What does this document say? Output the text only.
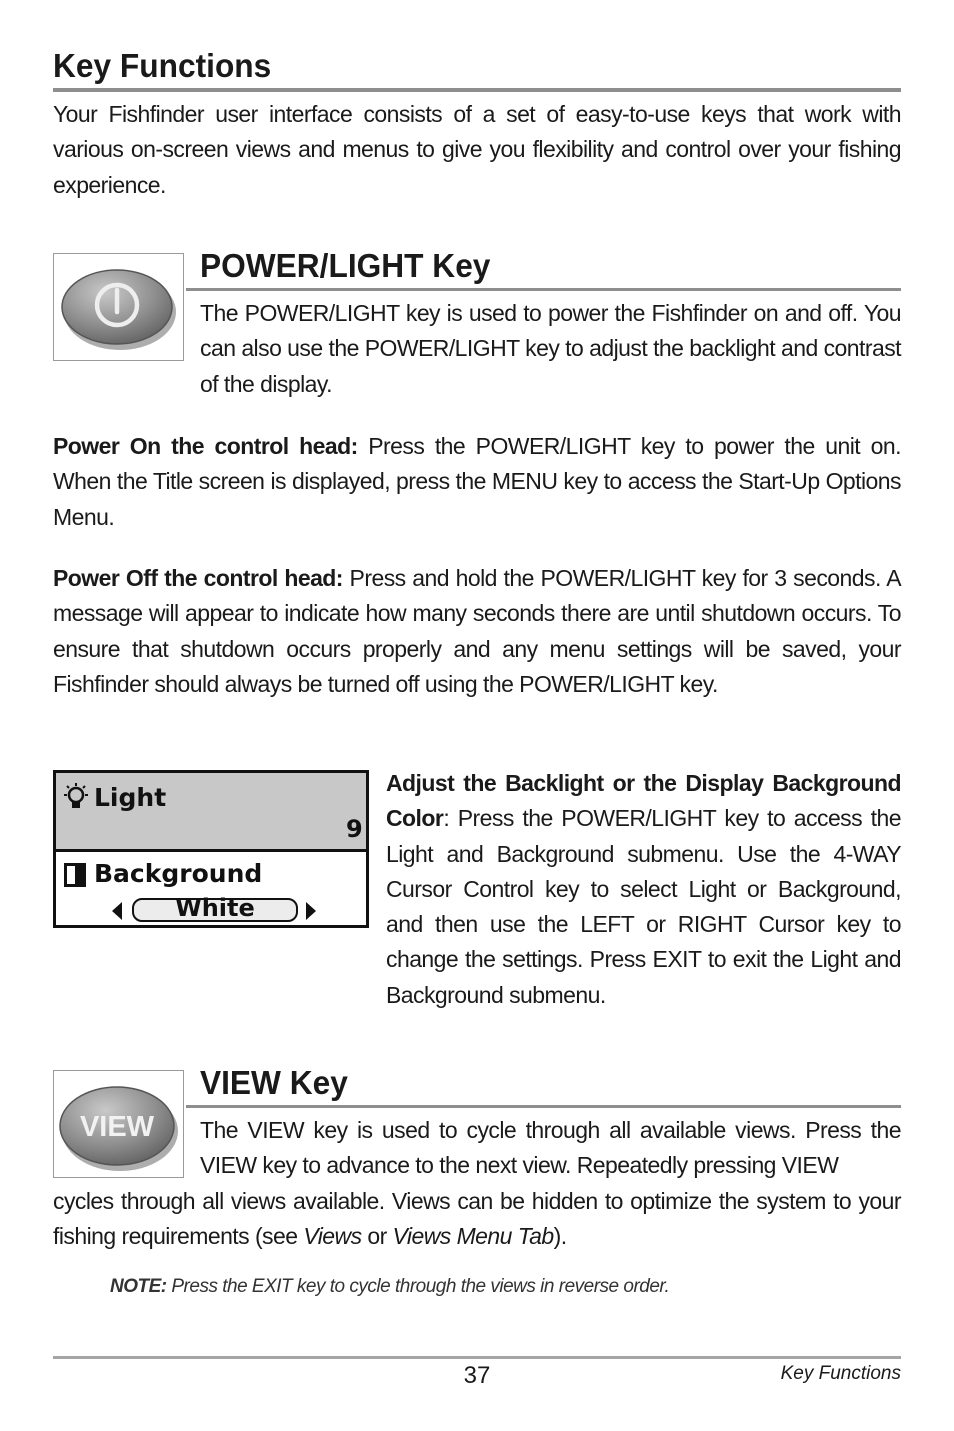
Key Functions
Your Fishfinder user interface consists of a set of easy-to-use keys that work with various on-screen views and menus to give you flexibility and control over your fishing experience.
POWER/LIGHT Key
The POWER/LIGHT key is used to power the Fishfinder on and off. You can also use the POWER/LIGHT key to adjust the backlight and contrast of the display.
Power On the control head: Press the POWER/LIGHT key to power the unit on. When the Title screen is displayed, press the MENU key to access the Start-Up Options Menu.
Power Off the control head: Press and hold the POWER/LIGHT key for 3 seconds. A message will appear to indicate how many seconds there are until shutdown occurs. To ensure that shutdown occurs properly and any menu settings will be saved, your Fishfinder should always be turned off using the POWER/LIGHT key.
Light
9
Background
White
Adjust the Backlight or the Display Background Color: Press the POWER/LIGHT key to access the Light and Background submenu. Use the 4-WAY Cursor Control key to select Light or Background, and then use the LEFT or RIGHT Cursor key to change the settings. Press EXIT to exit the Light and Background submenu.
VIEW
VIEW Key
The VIEW key is used to cycle through all available views. Press the VIEW key to advance to the next view. Repeatedly pressing VIEW
cycles through all views available. Views can be hidden to optimize the system to your fishing requirements (see Views or Views Menu Tab).
NOTE: Press the EXIT key to cycle through the views in reverse order.
37	Key Functions
